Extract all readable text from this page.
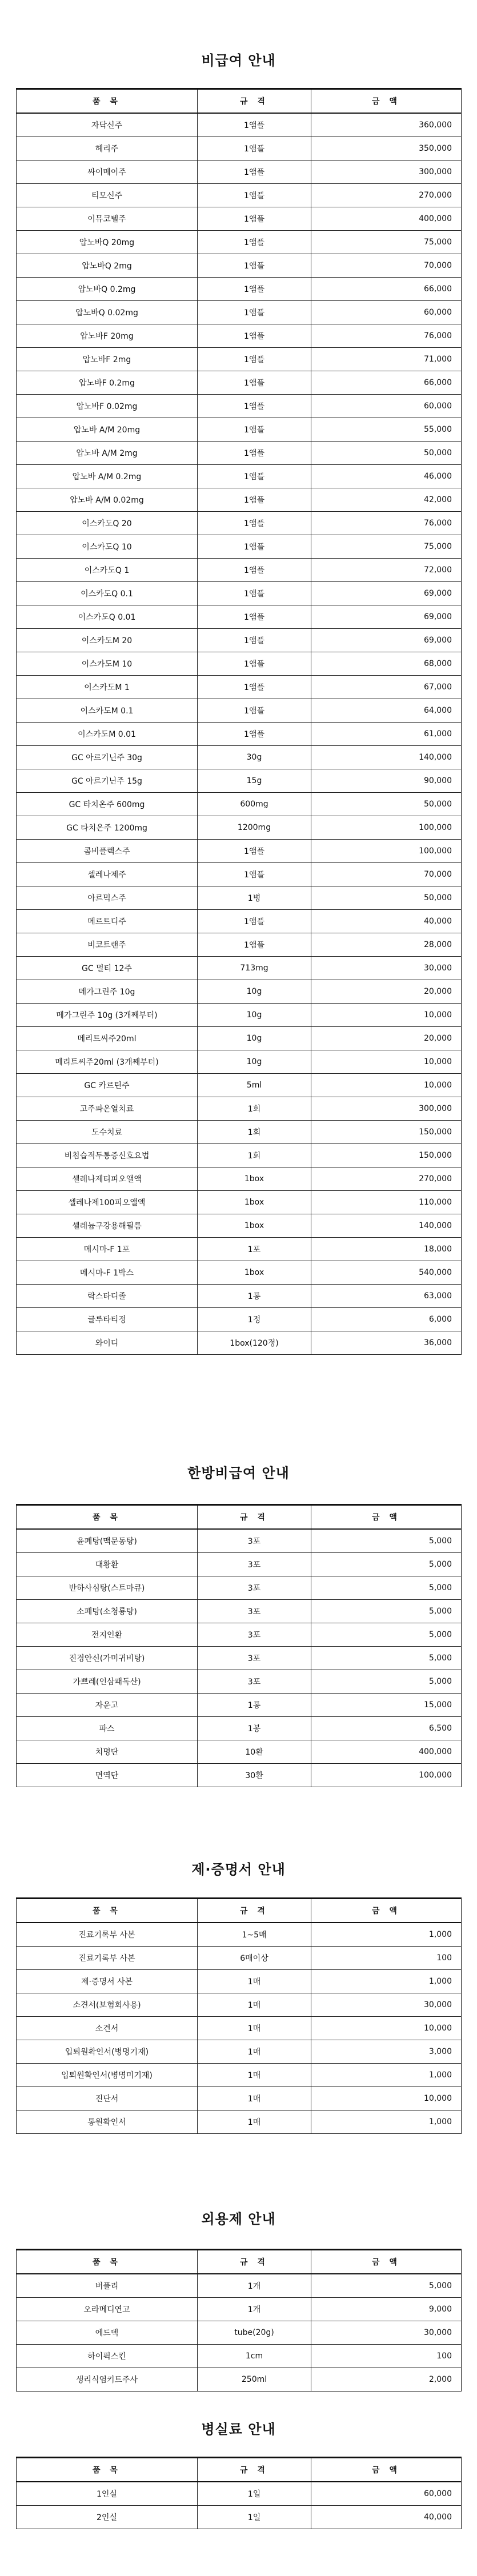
비급여 안내
품 목	규 격	금 액
자닥신주	1앰플	360,000
헤리주	1앰플	350,000
싸이메이주	1앰플	300,000
티모신주	1앰플	270,000
이뮤코텔주	1앰플	400,000
압노바Q 20mg	1앰플	75,000
압노바Q 2mg	1앰플	70,000
압노바Q 0.2mg	1앰플	66,000
압노바Q 0.02mg	1앰플	60,000
압노바F 20mg	1앰플	76,000
압노바F 2mg	1앰플	71,000
압노바F 0.2mg	1앰플	66,000
압노바F 0.02mg	1앰플	60,000
압노바 A/M 20mg	1앰플	55,000
압노바 A/M 2mg	1앰플	50,000
압노바 A/M 0.2mg	1앰플	46,000
압노바 A/M 0.02mg	1앰플	42,000
이스카도Q 20	1앰플	76,000
이스카도Q 10	1앰플	75,000
이스카도Q 1	1앰플	72,000
이스카도Q 0.1	1앰플	69,000
이스카도Q 0.01	1앰플	69,000
이스카도M 20	1앰플	69,000
이스카도M 10	1앰플	68,000
이스카도M 1	1앰플	67,000
이스카도M 0.1	1앰플	64,000
이스카도M 0.01	1앰플	61,000
GC 아르기닌주 30g	30g	140,000
GC 아르기닌주 15g	15g	90,000
GC 타치온주 600mg	600mg	50,000
GC 타치온주 1200mg	1200mg	100,000
콤비플렉스주	1앰플	100,000
셀레나제주	1앰플	70,000
아르믹스주	1병	50,000
메르트디주	1앰플	40,000
비코트랜주	1앰플	28,000
GC 멀티 12주	713mg	30,000
메가그린주 10g	10g	20,000
메가그린주 10g (3개째부터)	10g	10,000
메리트씨주20ml	10g	20,000
메리트씨주20ml (3개째부터)	10g	10,000
GC 카르틴주	5ml	10,000
고주파온열치료	1회	300,000
도수치료	1회	150,000
비침습적두통증신호요법	1회	150,000
셀레나제티피오앨액	1box	270,000
셀레나제100피오앨액	1box	110,000
셀레늄구강용해필름	1box	140,000
메시마-F 1포	1포	18,000
메시마-F 1박스	1box	540,000
락스타디졸	1통	63,000
글루타티정	1정	6,000
와이디	1box(120정)	36,000
한방비급여 안내
품 목	규 격	금 액
윤폐탕(맥문동탕)	3포	5,000
대황환	3포	5,000
반하사심탕(스트마큐)	3포	5,000
소폐탕(소청룡탕)	3포	5,000
전지인환	3포	5,000
진경안신(가미귀비탕)	3포	5,000
가쁘레(인삼패독산)	3포	5,000
자운고	1통	15,000
파스	1봉	6,500
치명단	10환	400,000
면역단	30환	100,000
제·증명서 안내
품 목	규 격	금 액
진료기록부 사본	1~5매	1,000
진료기록부 사본	6매이상	100
제·증명서 사본	1매	1,000
소견서(보험회사용)	1매	30,000
소견서	1매	10,000
입퇴원확인서(병명기재)	1매	3,000
입퇴원확인서(병명미기재)	1매	1,000
진단서	1매	10,000
통원확인서	1매	1,000
외용제 안내
품 목	규 격	금 액
버플리	1개	5,000
오라메디연고	1개	9,000
에드덱	tube(20g)	30,000
하이픽스킨	1cm	100
생리식염키트주사	250ml	2,000
병실료 안내
품 목	규 격	금 액
1인실	1일	60,000
2인실	1일	40,000
